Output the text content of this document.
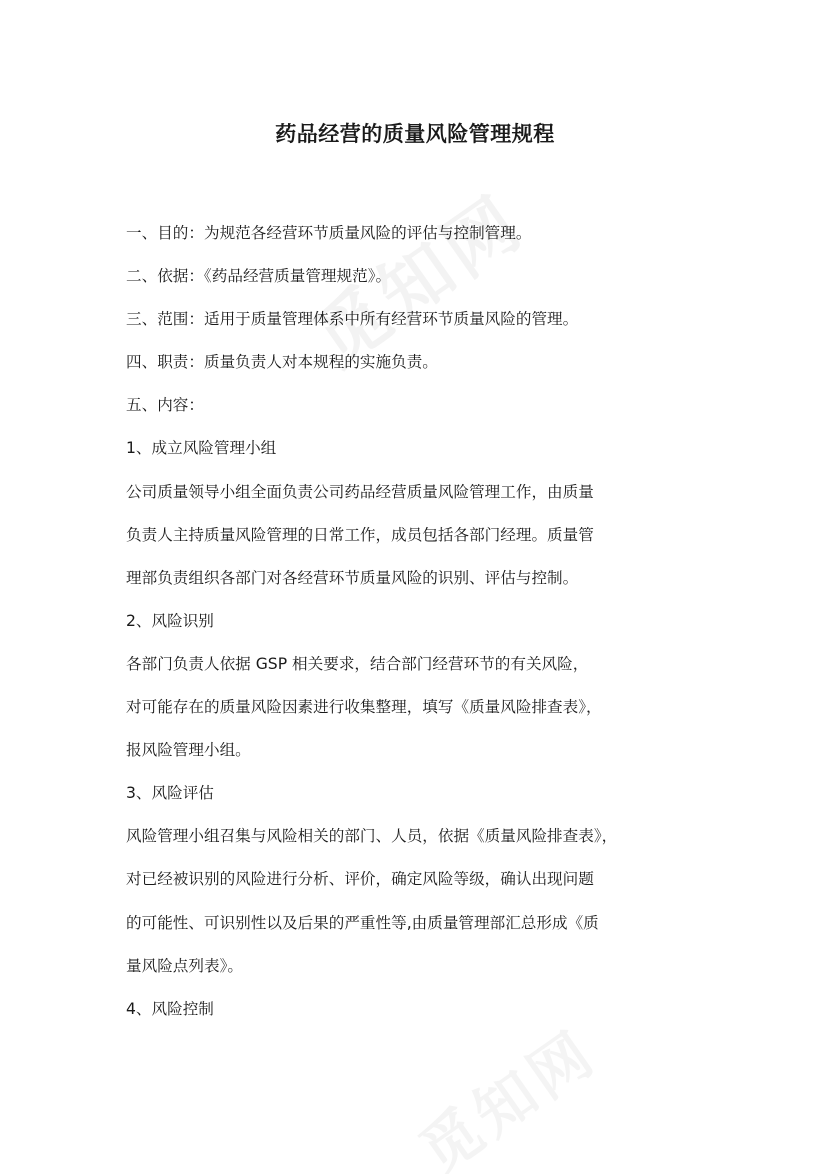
药品经营的质量风险管理规程
一、目的：为规范各经营环节质量风险的评估与控制管理。
二、依据：《药品经营质量管理规范》。
三、范围：适用于质量管理体系中所有经营环节质量风险的管理。
四、职责：质量负责人对本规程的实施负责。
五、内容：
1、成立风险管理小组
公司质量领导小组全面负责公司药品经营质量风险管理工作，由质量
负责人主持质量风险管理的日常工作，成员包括各部门经理。质量管
理部负责组织各部门对各经营环节质量风险的识别、评估与控制。
2、风险识别
各部门负责人依据 GSP 相关要求，结合部门经营环节的有关风险，
对可能存在的质量风险因素进行收集整理，填写《质量风险排查表》，
报风险管理小组。
3、风险评估
风险管理小组召集与风险相关的部门、人员，依据《质量风险排查表》，
对已经被识别的风险进行分析、评价，确定风险等级，确认出现问题
的可能性、可识别性以及后果的严重性等,由质量管理部汇总形成《质
量风险点列表》。
4、风险控制
